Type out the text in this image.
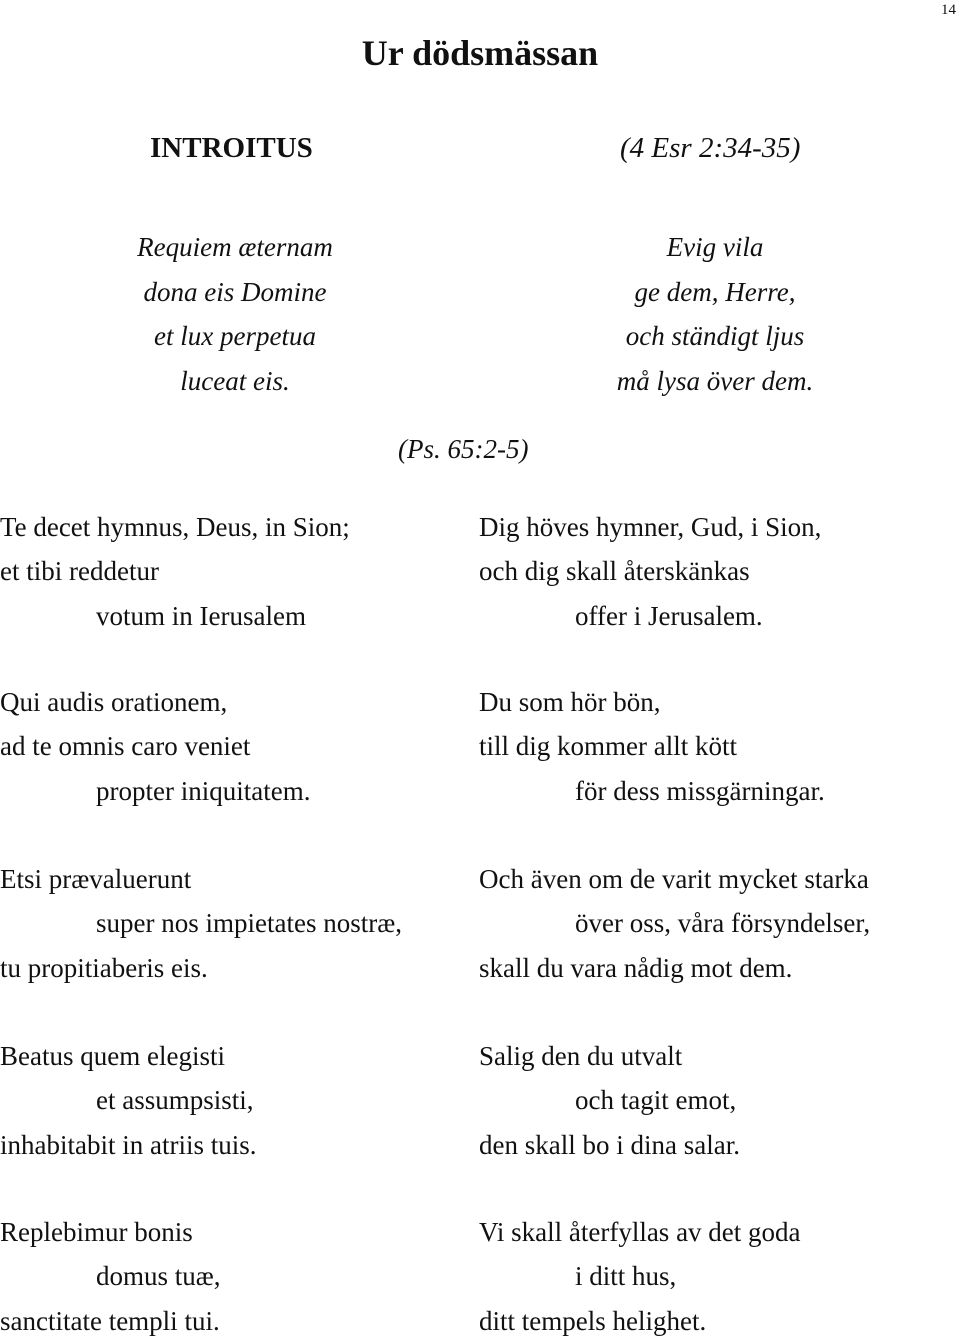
14
Ur dödsmässan
INTROITUS	(4 Esr 2:34-35)
Requiem æternam
dona eis Domine
et lux perpetua
luceat eis.
Evig vila
ge dem, Herre,
och ständigt ljus
må lysa över dem.
(Ps. 65:2-5)
Te decet hymnus, Deus, in Sion;
et tibi reddetur
votum in Ierusalem
Dig höves hymner, Gud, i Sion,
och dig skall återskänkas
offer i Jerusalem.
Qui audis orationem,
ad te omnis caro veniet
propter iniquitatem.
Du som hör bön,
till dig kommer allt kött
för dess missgärningar.
Etsi prævaluerunt
super nos impietates nostræ,
tu propitiaberis eis.
Och även om de varit mycket starka
över oss, våra försyndelser,
skall du vara nådig mot dem.
Beatus quem elegisti
et assumpsisti,
inhabitabit in atriis tuis.
Salig den du utvalt
och tagit emot,
den skall bo i dina salar.
Replebimur bonis
domus tuæ,
sanctitate templi tui.
Vi skall återfyllas av det goda
i ditt hus,
ditt tempels helighet.
